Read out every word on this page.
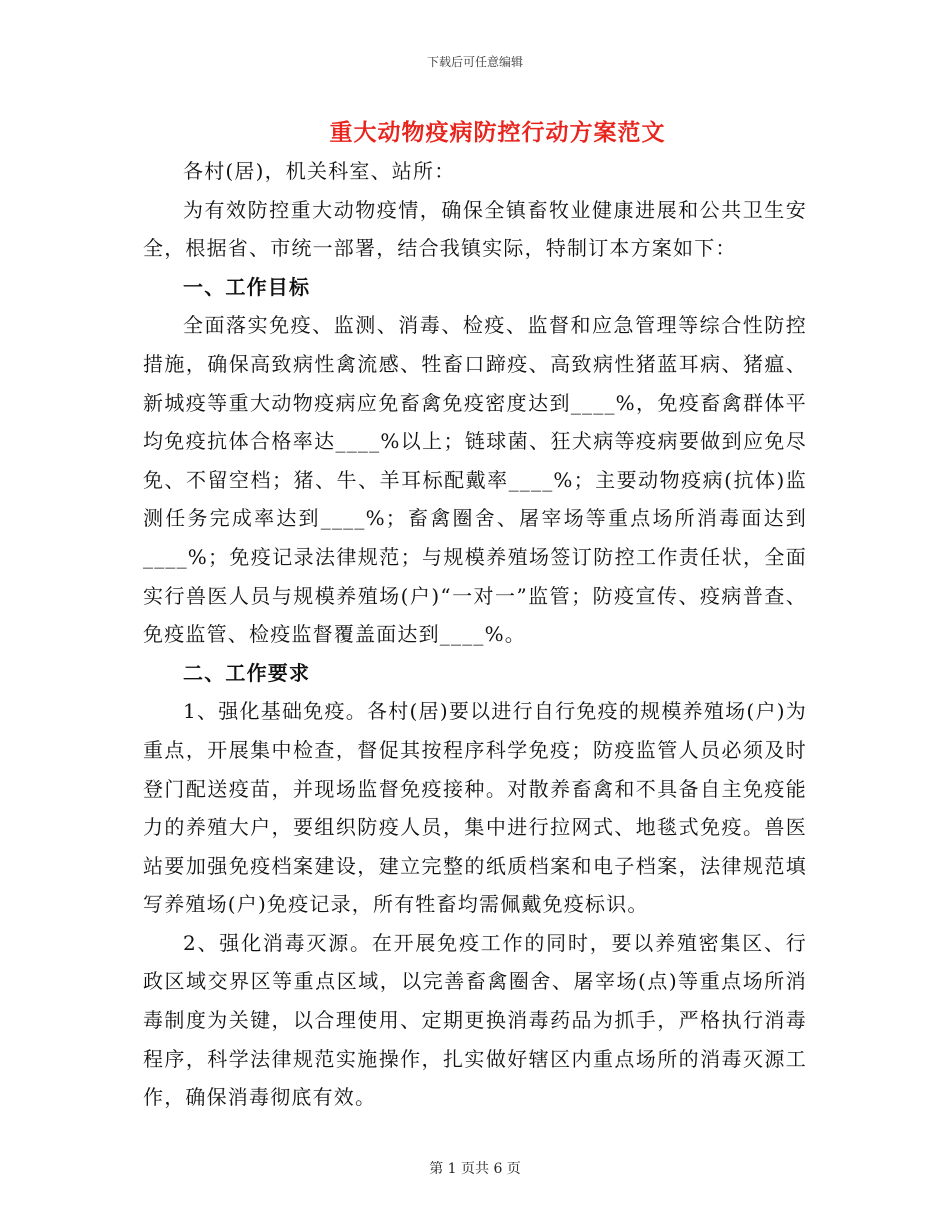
下载后可任意编辑
重大动物疫病防控行动方案范文

各村(居)，机关科室、站所：

为有效防控重大动物疫情，确保全镇畜牧业健康进展和公共卫生安全，根据省、市统一部署，结合我镇实际，特制订本方案如下：

一、工作目标

全面落实免疫、监测、消毒、检疫、监督和应急管理等综合性防控措施，确保高致病性禽流感、牲畜口蹄疫、高致病性猪蓝耳病、猪瘟、新城疫等重大动物疫病应免畜禽免疫密度达到____%，免疫畜禽群体平均免疫抗体合格率达____%以上；链球菌、狂犬病等疫病要做到应免尽免、不留空档；猪、牛、羊耳标配戴率____%；主要动物疫病(抗体)监测任务完成率达到____%；畜禽圈舍、屠宰场等重点场所消毒面达到____%；免疫记录法律规范；与规模养殖场签订防控工作责任状，全面实行兽医人员与规模养殖场(户)“一对一”监管；防疫宣传、疫病普查、免疫监管、检疫监督覆盖面达到____%。

二、工作要求

1、强化基础免疫。各村(居)要以进行自行免疫的规模养殖场(户)为重点，开展集中检查，督促其按程序科学免疫；防疫监管人员必须及时登门配送疫苗，并现场监督免疫接种。对散养畜禽和不具备自主免疫能力的养殖大户，要组织防疫人员，集中进行拉网式、地毯式免疫。兽医站要加强免疫档案建设，建立完整的纸质档案和电子档案，法律规范填写养殖场(户)免疫记录，所有牲畜均需佩戴免疫标识。

2、强化消毒灭源。在开展免疫工作的同时，要以养殖密集区、行政区域交界区等重点区域，以完善畜禽圈舍、屠宰场(点)等重点场所消毒制度为关键，以合理使用、定期更换消毒药品为抓手，严格执行消毒程序，科学法律规范实施操作，扎实做好辖区内重点场所的消毒灭源工作，确保消毒彻底有效。

第 1 页共 6 页
